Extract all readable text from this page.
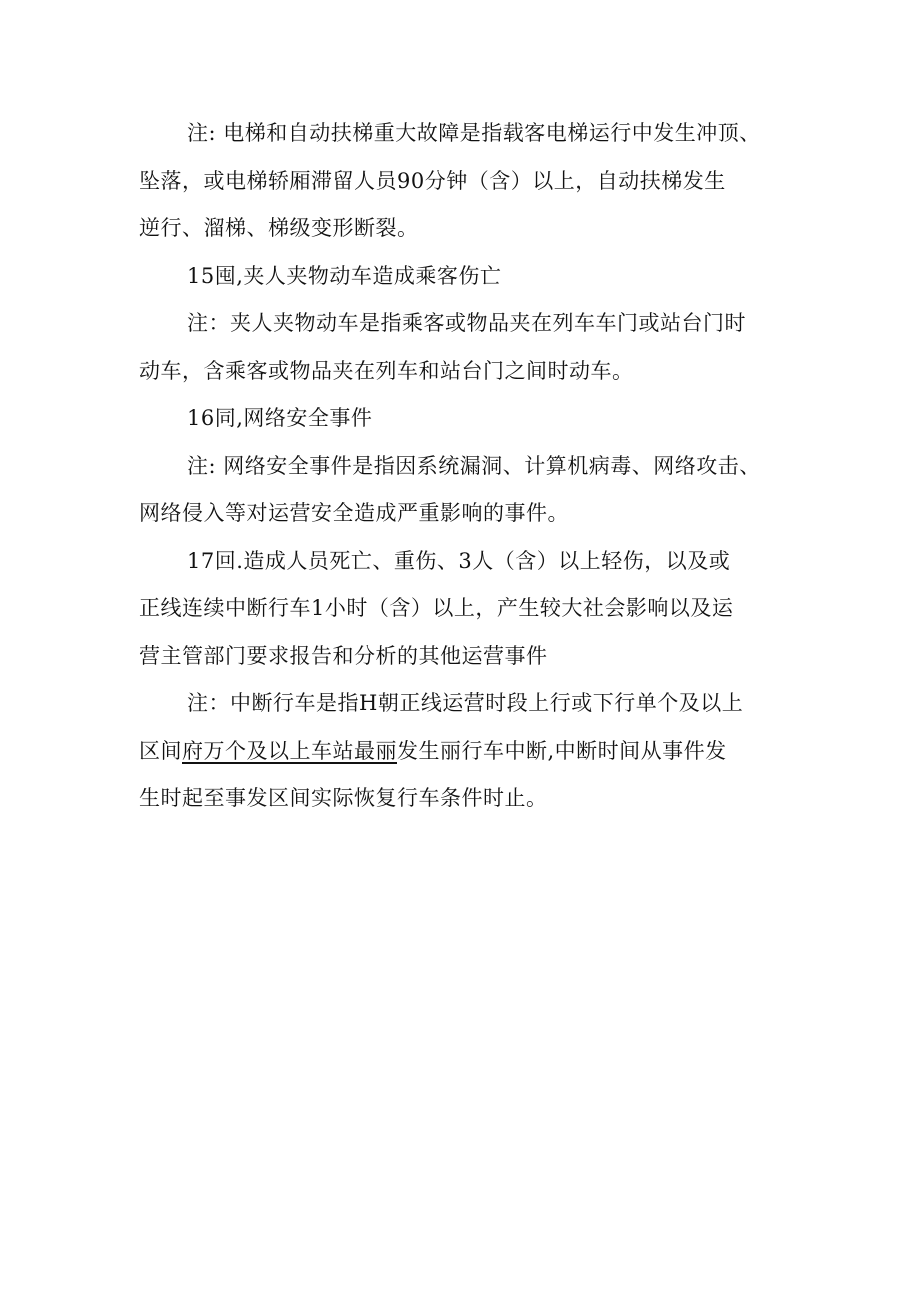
注: 电梯和自动扶梯重大故障是指载客电梯运行中发生冲顶、
坠落，或电梯轿厢滞留人员90分钟（含）以上，自动扶梯发生
逆行、溜梯、梯级变形断裂。
15囤,夹人夹物动车造成乘客伤亡
注：夹人夹物动车是指乘客或物品夹在列车车门或站台门时
动车，含乘客或物品夹在列车和站台门之间时动车。
16同,网络安全事件
注: 网络安全事件是指因系统漏洞、计算机病毒、网络攻击、
网络侵入等对运营安全造成严重影响的事件。
17回.造成人员死亡、重伤、3人（含）以上轻伤，以及或
正线连续中断行车1小时（含）以上，产生较大社会影响以及运
营主管部门要求报告和分析的其他运营事件
注：中断行车是指H朝正线运营时段上行或下行单个及以上
区间府万个及以上车站最丽发生丽行车中断,中断时间从事件发
生时起至事发区间实际恢复行车条件时止。
